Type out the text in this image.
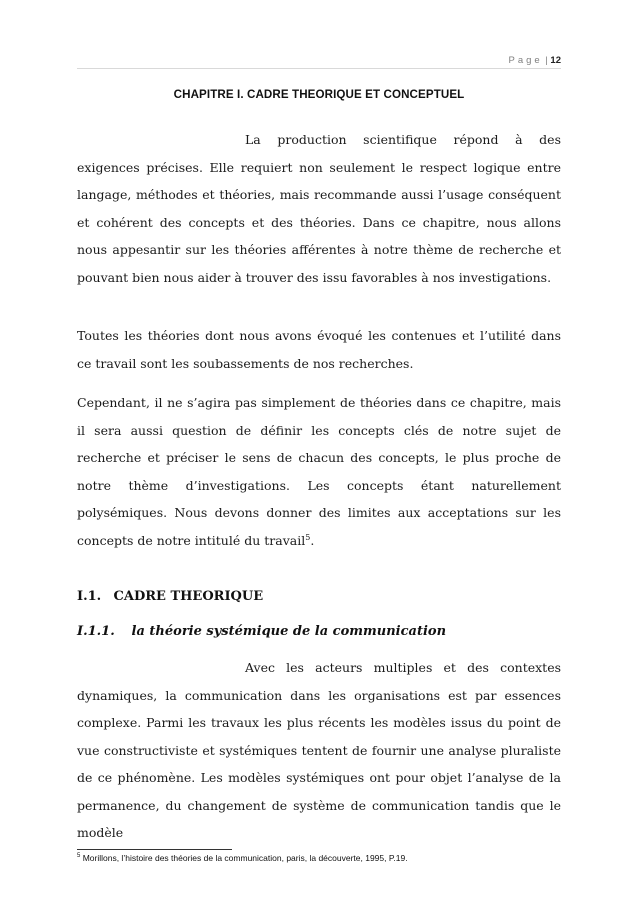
Page | 12
CHAPITRE I. CADRE THEORIQUE ET CONCEPTUEL

La production scientifique répond à des exigences précises. Elle requiert non seulement le respect logique entre langage, méthodes et théories, mais recommande aussi l’usage conséquent et cohérent des concepts et des théories. Dans ce chapitre, nous allons nous appesantir sur les théories afférentes à notre thème de recherche et pouvant bien nous aider à trouver des issu favorables à nos investigations.

Toutes les théories dont nous avons évoqué les contenues et l’utilité dans ce travail sont les soubassements de nos recherches.

Cependant, il ne s’agira pas simplement de théories dans ce chapitre, mais il sera aussi question de définir les concepts clés de notre sujet de recherche et préciser le sens de chacun des concepts, le plus proche de notre thème d’investigations. Les concepts étant naturellement polysémiques. Nous devons donner des limites aux acceptations sur les concepts de notre intitulé du travail$^5$.

I.1. CADRE THEORIQUE
I.1.1. la théorie systémique de la communication

Avec les acteurs multiples et des contextes dynamiques, la communication dans les organisations est par essences complexe. Parmi les travaux les plus récents les modèles issus du point de vue constructiviste et systémiques tentent de fournir une analyse pluraliste de ce phénomène. Les modèles systémiques ont pour objet l’analyse de la permanence, du changement de système de communication tandis que le modèle

$^5$ Morillons, l’histoire des théories de la communication, paris, la découverte, 1995, P.19.
